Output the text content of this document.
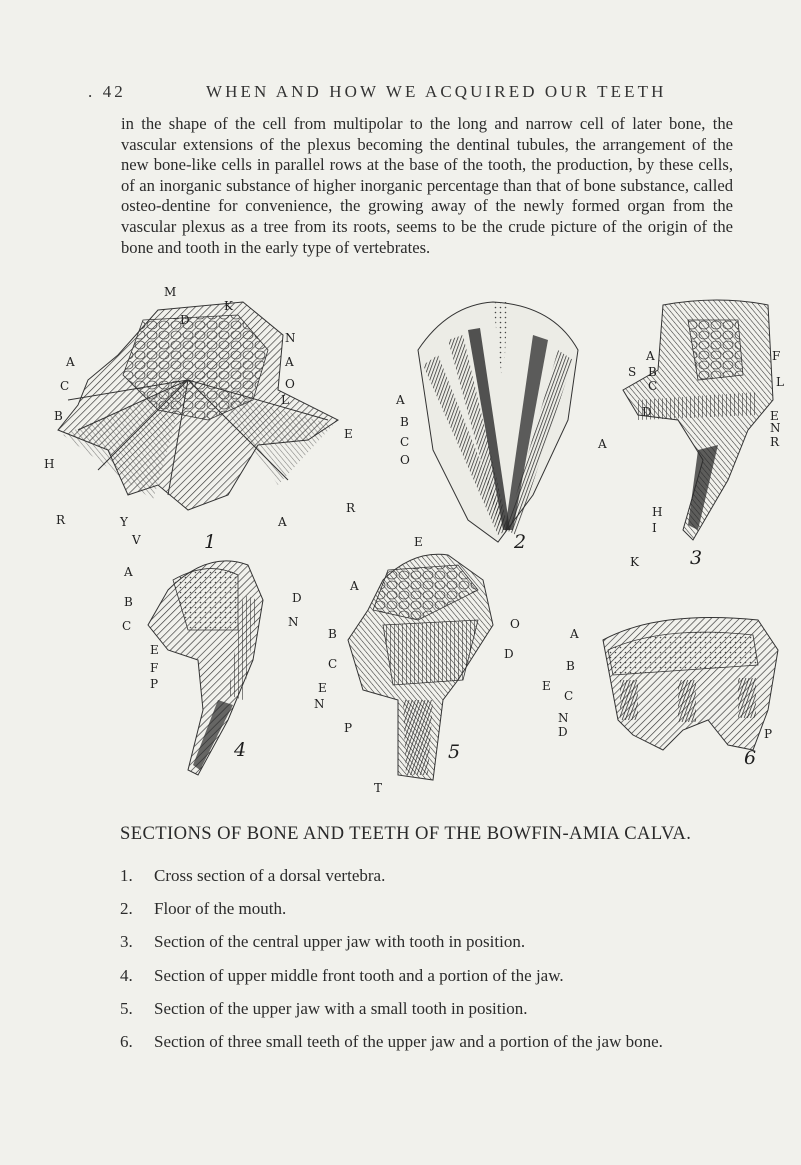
. 42	WHEN AND HOW WE ACQUIRED OUR TEETH
in the shape of the cell from multipolar to the long and narrow cell of later bone, the vascular extensions of the plexus becoming the dentinal tubules, the arrangement of the new bone-like cells in parallel rows at the base of the tooth, the production, by these cells, of an inorganic substance of higher inorganic percentage than that of bone substance, called osteo-dentine for convenience, the growing away of the newly formed organ from the vascular plexus as a tree from its roots, seems to be the crude picture of the origin of the bone and tooth in the early type of vertebrates.
M
D
K
N
A
O
L
A
C
B
H
R	Y
V
E
A
R
1
A
B
C
O
E	2
A
S B
C
D
A
F
L
E
N
R
H
I
K	3
A
B
C
E
F
P
D
N
4
A
O
B
D
C
E
N
P
T
5
A
B
E
C
N
D	P
6
SECTIONS OF BONE AND TEETH OF THE BOWFIN-AMIA CALVA.
1. Cross section of a dorsal vertebra.
2. Floor of the mouth.
3. Section of the central upper jaw with tooth in position.
4. Section of upper middle front tooth and a portion of the jaw.
5. Section of the upper jaw with a small tooth in position.
6. Section of three small teeth of the upper jaw and a portion of the jaw bone.
